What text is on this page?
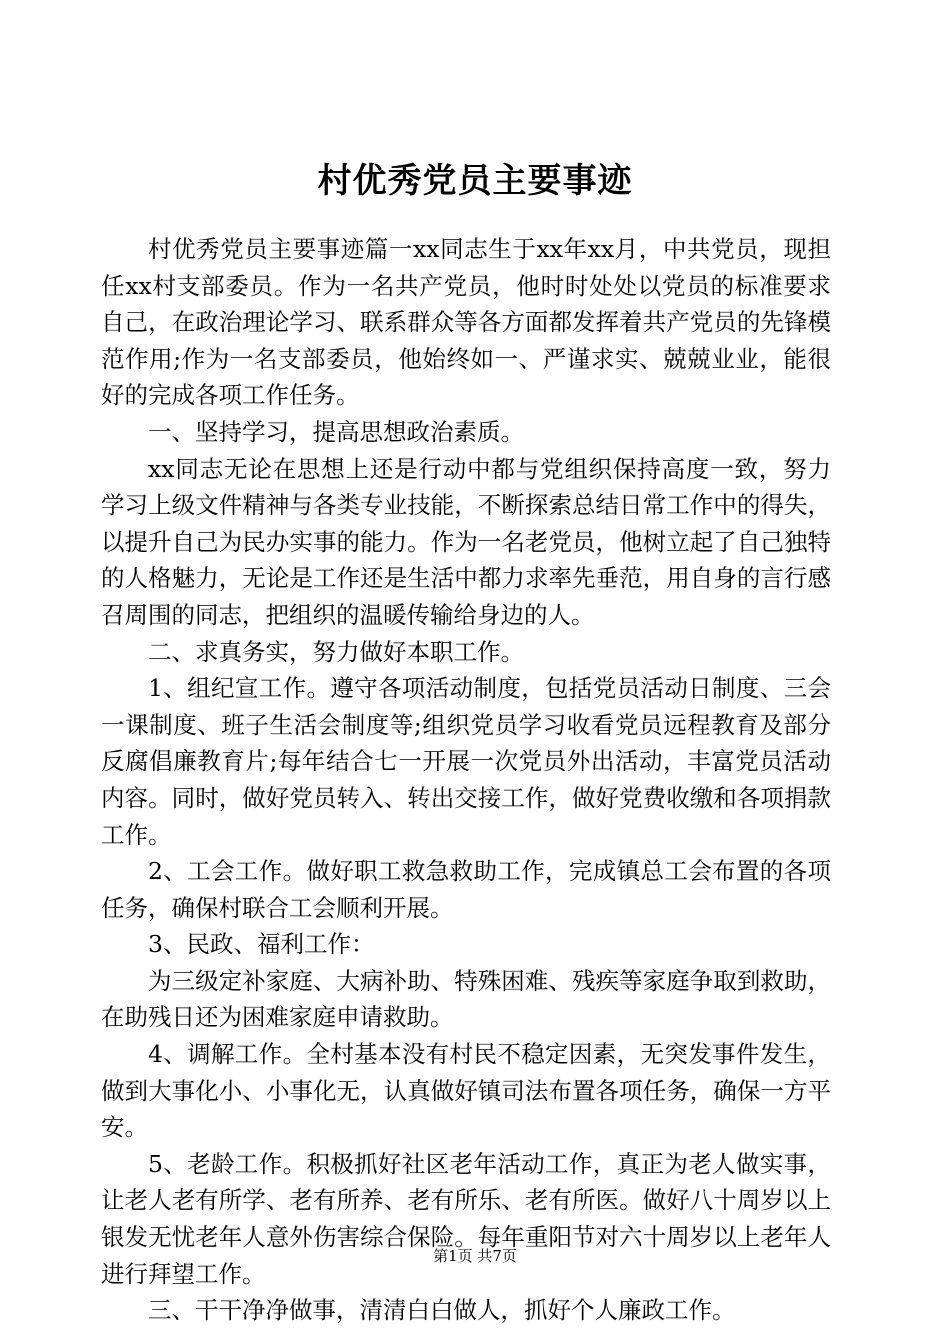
村优秀党员主要事迹

村优秀党员主要事迹篇一xx同志生于xx年xx月，中共党员，现担任xx村支部委员。作为一名共产党员，他时时处处以党员的标准要求自己，在政治理论学习、联系群众等各方面都发挥着共产党员的先锋模范作用;作为一名支部委员，他始终如一、严谨求实、兢兢业业，能很好的完成各项工作任务。

一、坚持学习，提高思想政治素质。

xx同志无论在思想上还是行动中都与党组织保持高度一致，努力学习上级文件精神与各类专业技能，不断探索总结日常工作中的得失，以提升自己为民办实事的能力。作为一名老党员，他树立起了自己独特的人格魅力，无论是工作还是生活中都力求率先垂范，用自身的言行感召周围的同志，把组织的温暖传输给身边的人。

二、求真务实，努力做好本职工作。

1、组纪宣工作。遵守各项活动制度，包括党员活动日制度、三会一课制度、班子生活会制度等;组织党员学习收看党员远程教育及部分反腐倡廉教育片;每年结合七一开展一次党员外出活动，丰富党员活动内容。同时，做好党员转入、转出交接工作，做好党费收缴和各项捐款工作。

2、工会工作。做好职工救急救助工作，完成镇总工会布置的各项任务，确保村联合工会顺利开展。

3、民政、福利工作：

为三级定补家庭、大病补助、特殊困难、残疾等家庭争取到救助，在助残日还为困难家庭申请救助。

4、调解工作。全村基本没有村民不稳定因素，无突发事件发生，做到大事化小、小事化无，认真做好镇司法布置各项任务，确保一方平安。

5、老龄工作。积极抓好社区老年活动工作，真正为老人做实事，让老人老有所学、老有所养、老有所乐、老有所医。做好八十周岁以上银发无忧老年人意外伤害综合保险。每年重阳节对六十周岁以上老年人进行拜望工作。

三、干干净净做事，清清白白做人，抓好个人廉政工作。

第1页 共7页
